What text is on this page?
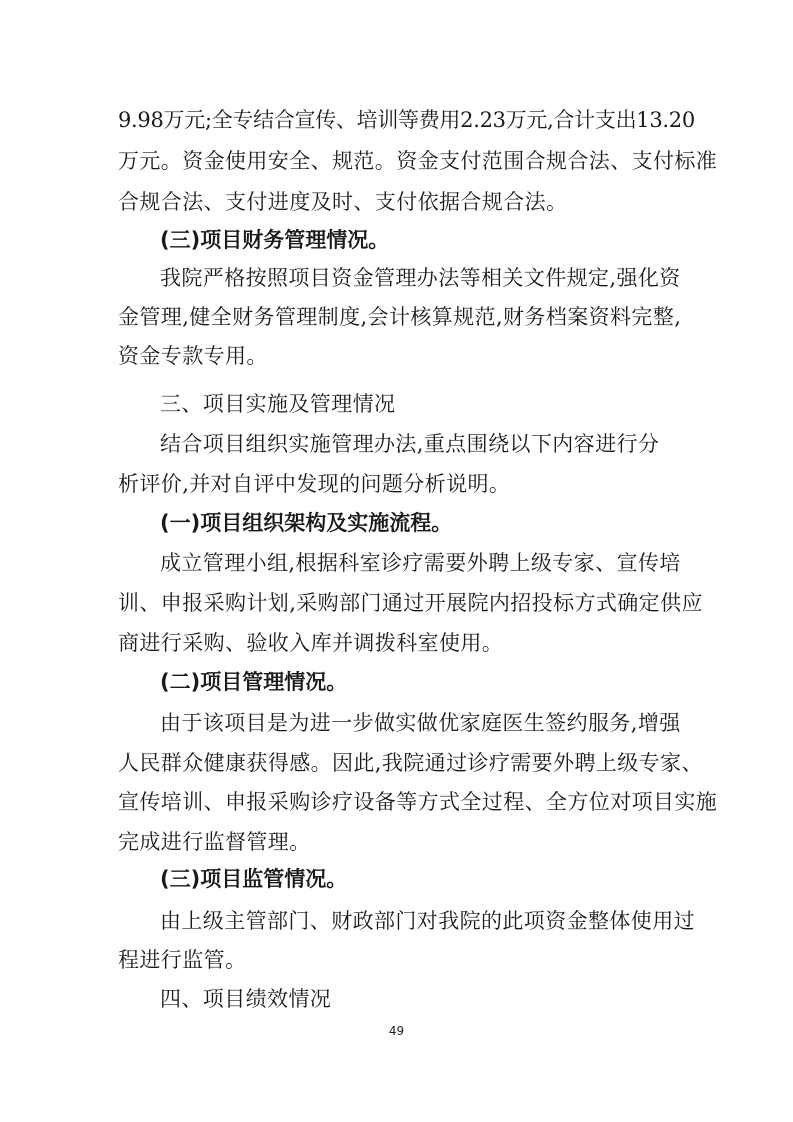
9.98万元;全专结合宣传、培训等费用2.23万元,合计支出13.20
万元。资金使用安全、规范。资金支付范围合规合法、支付标准
合规合法、支付进度及时、支付依据合规合法。
(三)项目财务管理情况。
我院严格按照项目资金管理办法等相关文件规定,强化资
金管理,健全财务管理制度,会计核算规范,财务档案资料完整,
资金专款专用。
三、项目实施及管理情况
结合项目组织实施管理办法,重点围绕以下内容进行分
析评价,并对自评中发现的问题分析说明。
(一)项目组织架构及实施流程。
成立管理小组,根据科室诊疗需要外聘上级专家、宣传培
训、申报采购计划,采购部门通过开展院内招投标方式确定供应
商进行采购、验收入库并调拨科室使用。
(二)项目管理情况。
由于该项目是为进一步做实做优家庭医生签约服务,增强
人民群众健康获得感。因此,我院通过诊疗需要外聘上级专家、
宣传培训、申报采购诊疗设备等方式全过程、全方位对项目实施
完成进行监督管理。
(三)项目监管情况。
由上级主管部门、财政部门对我院的此项资金整体使用过
程进行监管。
四、项目绩效情况
49
